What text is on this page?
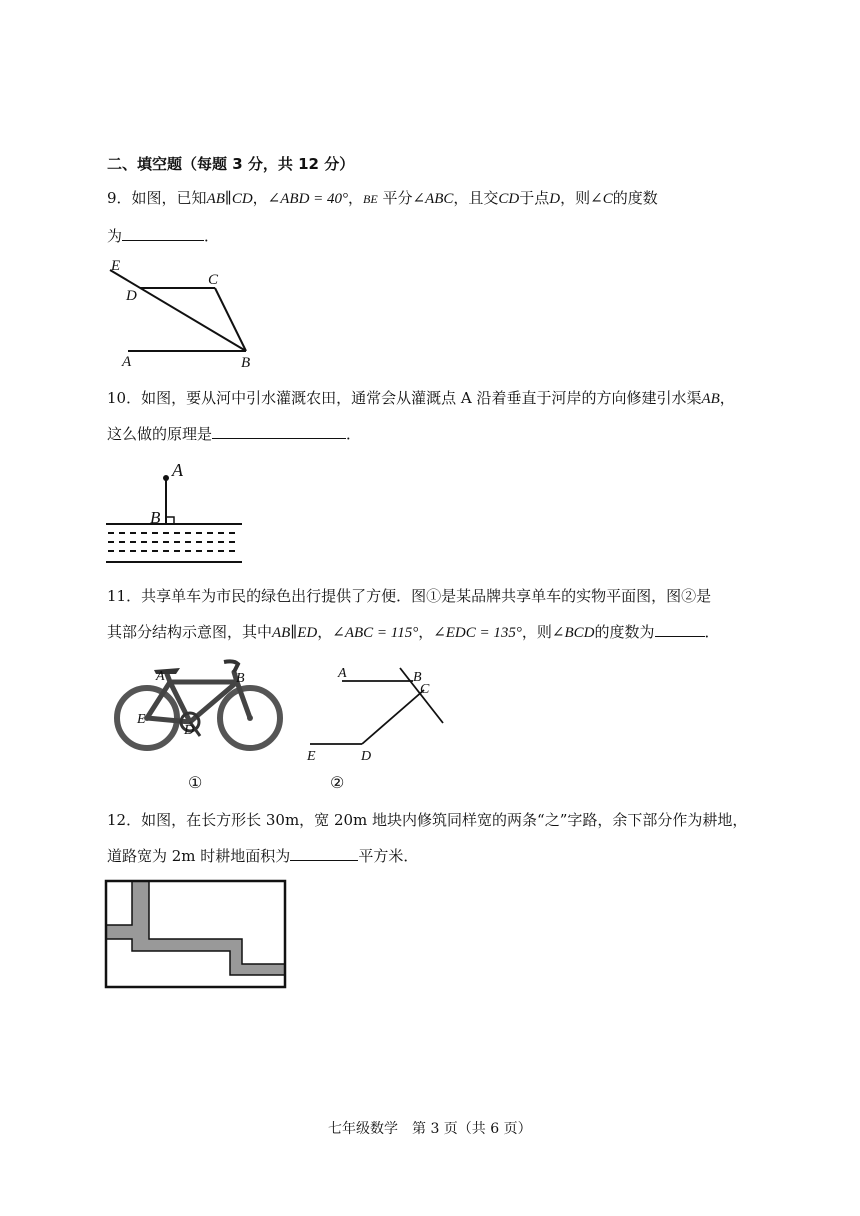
二、填空题（每题 3 分，共 12 分）
9．如图，已知AB∥CD，∠ABD = 40°，BE 平分∠ABC，且交CD于点D，则∠C的度数
为	．
E
D
C
A	B
10．如图，要从河中引水灌溉农田，通常会从灌溉点 A 沿着垂直于河岸的方向修建引水渠AB，
这么做的原理是	．
A
B
11．共享单车为市民的绿色出行提供了方便．图①是某品牌共享单车的实物平面图，图②是
其部分结构示意图，其中AB∥ED，∠ABC = 115°，∠EDC = 135°，则∠BCD的度数为	．
A	B
E
D
A	B
C
E	D
①	②
12．如图，在长方形长 30m，宽 20m 地块内修筑同样宽的两条“之”字路，余下部分作为耕地，
道路宽为 2m 时耕地面积为	平方米．
七年级数学　第 3 页（共 6 页）
